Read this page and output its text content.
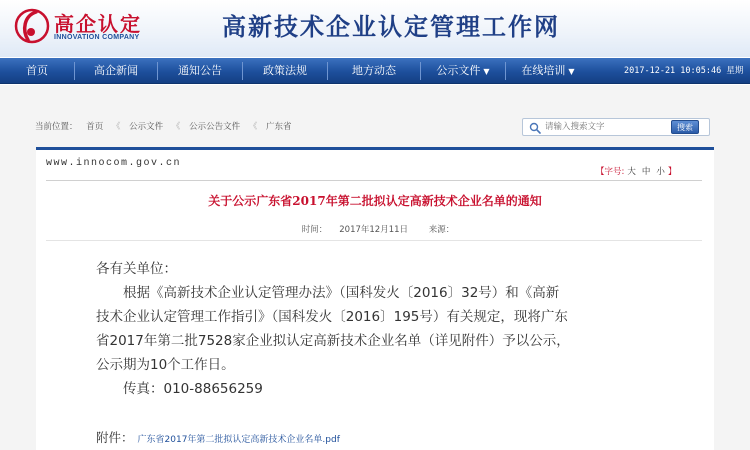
高企认定
INNOVATION COMPANY	高新技术企业认定管理工作网
首页	高企新闻	通知公告	政策法规	地方动态	公示文件 ▼	在线培训 ▼	2017-12-21 10:05:46 星期
当前位置： 首页 《 公示文件 《 公示公告文件 《 广东省
请输入搜索文字	搜索
www.innocom.gov.cn
【字号: 大 中 小 】
关于公示广东省2017年第二批拟认定高新技术企业名单的通知
时间： 2017年12月11日 来源：
各有关单位：
根据《高新技术企业认定管理办法》（国科发火〔2016〕32号）和《高新
技术企业认定管理工作指引》（国科发火〔2016〕195号）有关规定，现将广东
省2017年第二批7528家企业拟认定高新技术企业名单（详见附件）予以公示，
公示期为10个工作日。
传真：010-88656259
附件： 广东省2017年第二批拟认定高新技术企业名单.pdf
